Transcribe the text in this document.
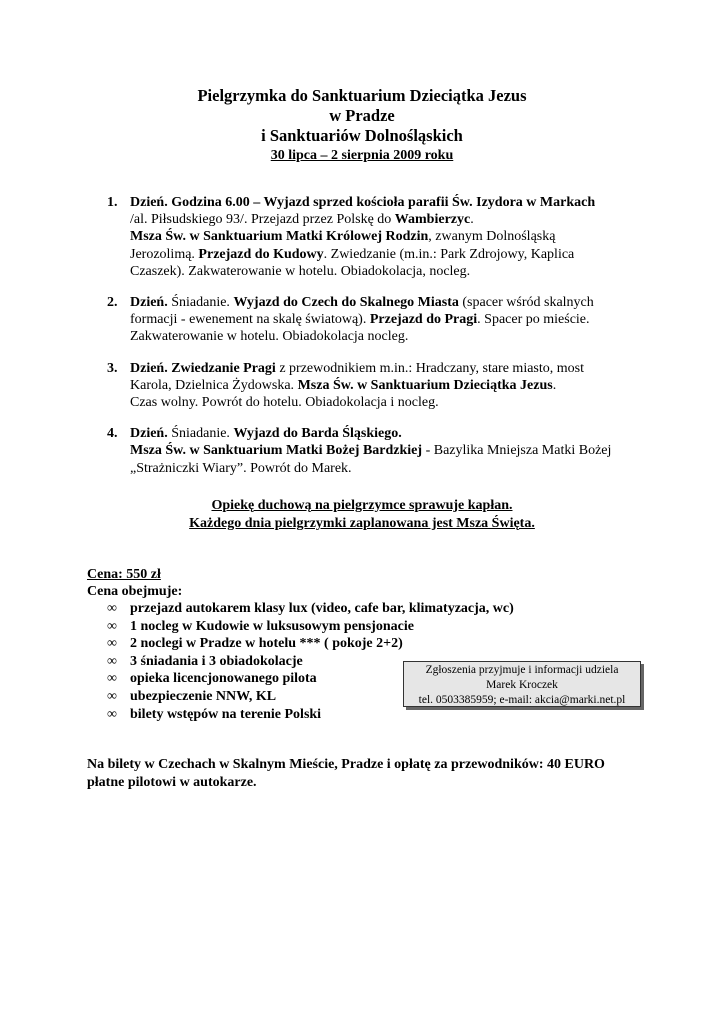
Pielgrzymka do Sanktuarium Dzieciątka Jezus
w Pradze
i Sanktuariów Dolnośląskich
30 lipca – 2 sierpnia 2009 roku
1. Dzień. Godzina 6.00 – Wyjazd sprzed kościoła parafii Św. Izydora w Markach
/al. Piłsudskiego 93/. Przejazd przez Polskę do Wambierzyc.
Msza Św. w Sanktuarium Matki Królowej Rodzin, zwanym Dolnośląską
Jerozolimą. Przejazd do Kudowy. Zwiedzanie (m.in.: Park Zdrojowy, Kaplica
Czaszek). Zakwaterowanie w hotelu. Obiadokolacja, nocleg.
2. Dzień. Śniadanie. Wyjazd do Czech do Skalnego Miasta (spacer wśród skalnych
formacji - ewenement na skalę światową). Przejazd do Pragi. Spacer po mieście.
Zakwaterowanie w hotelu. Obiadokolacja nocleg.
3. Dzień. Zwiedzanie Pragi z przewodnikiem m.in.: Hradczany, stare miasto, most
Karola, Dzielnica Żydowska. Msza Św. w Sanktuarium Dzieciątka Jezus.
Czas wolny. Powrót do hotelu. Obiadokolacja i nocleg.
4. Dzień. Śniadanie. Wyjazd do Barda Śląskiego.
Msza Św. w Sanktuarium Matki Bożej Bardzkiej - Bazylika Mniejsza Matki Bożej
„Strażniczki Wiary”. Powrót do Marek.
Opiekę duchową na pielgrzymce sprawuje kapłan.
Każdego dnia pielgrzymki zaplanowana jest Msza Święta.
Cena: 550 zł
Cena obejmuje:
∞ przejazd autokarem klasy lux (video, cafe bar, klimatyzacja, wc)
∞ 1 nocleg w Kudowie w luksusowym pensjonacie
∞ 2 noclegi w Pradze w hotelu *** ( pokoje 2+2)
∞ 3 śniadania i 3 obiadokolacje
∞ opieka licencjonowanego pilota
∞ ubezpieczenie NNW, KL
∞ bilety wstępów na terenie Polski
Zgłoszenia przyjmuje i informacji udziela
Marek Kroczek
tel. 0503385959; e-mail: akcia@marki.net.pl
Na bilety w Czechach w Skalnym Mieście, Pradze i opłatę za przewodników: 40 EURO
płatne pilotowi w autokarze.
